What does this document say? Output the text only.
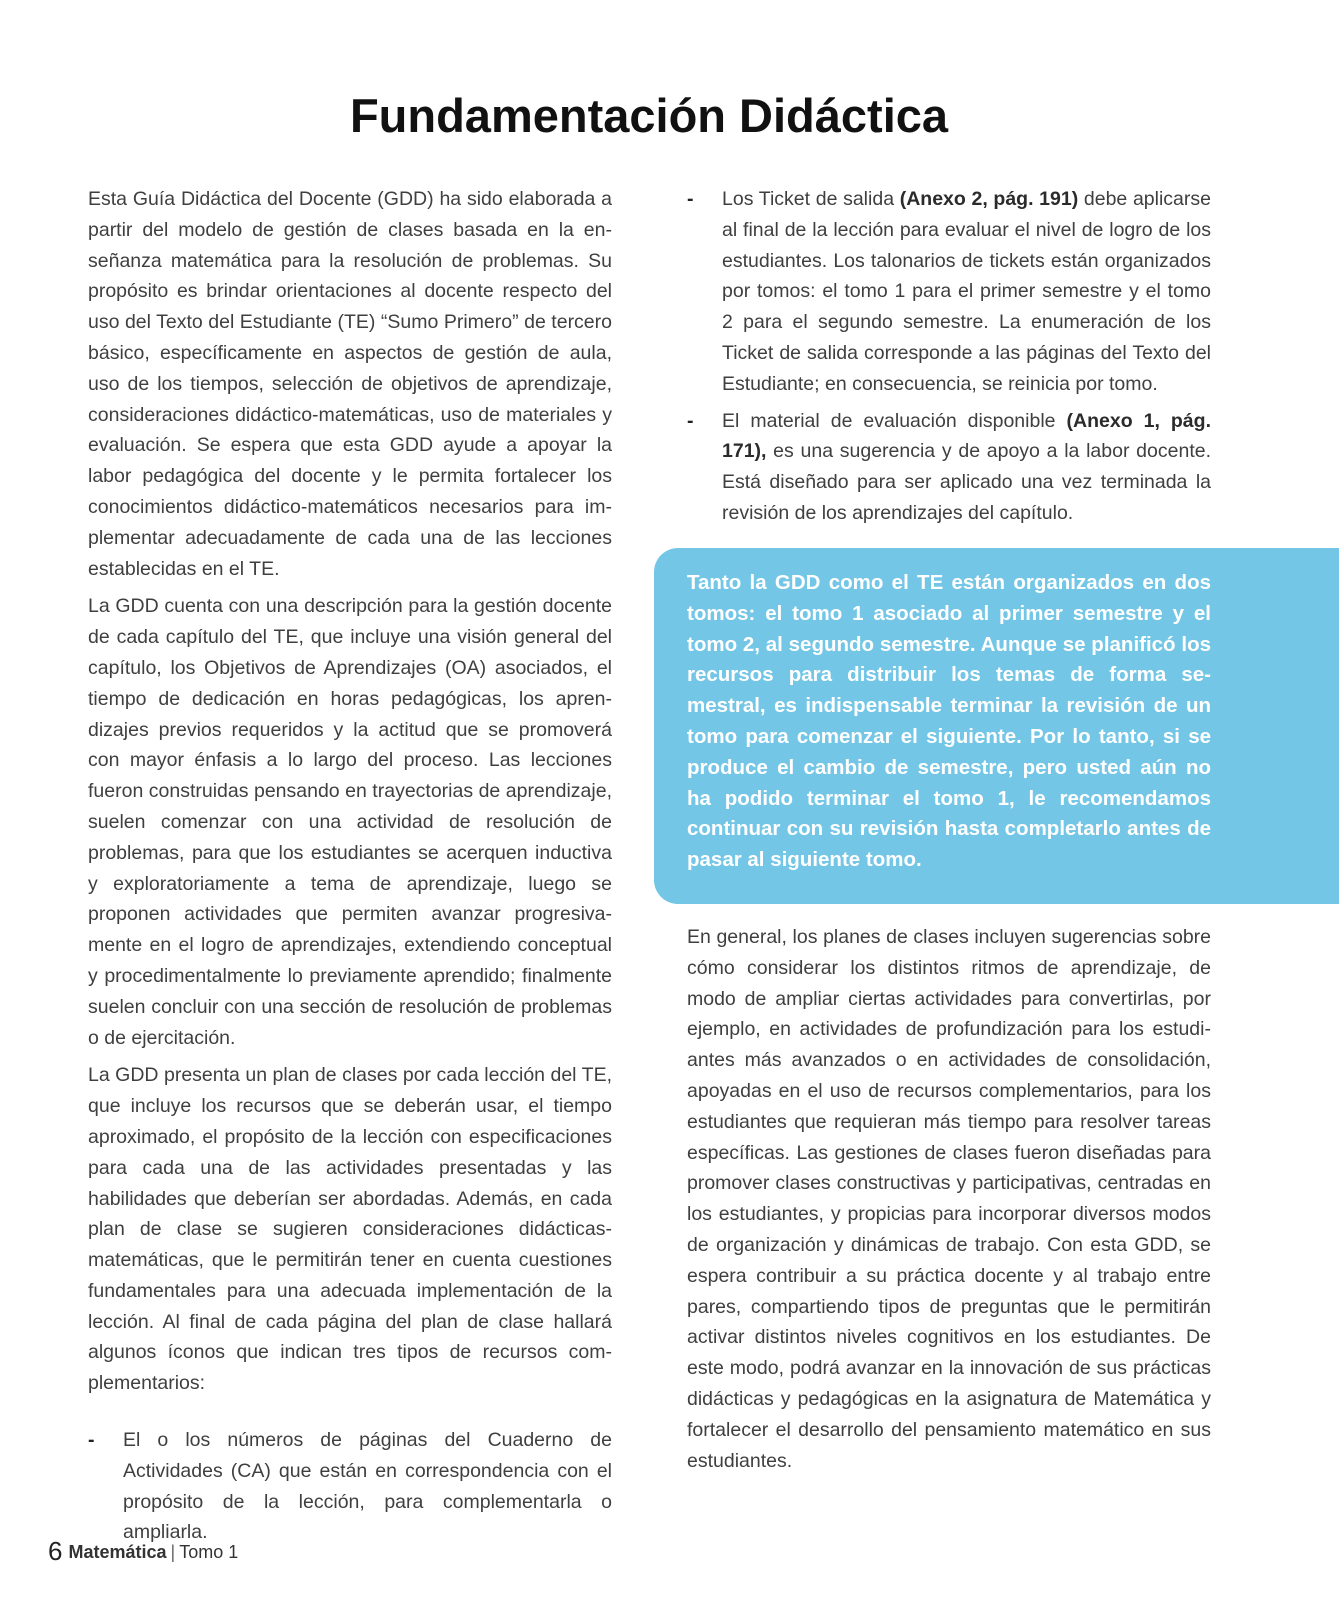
Fundamentación Didáctica

Esta Guía Didáctica del Docente (GDD) ha sido elaborada a partir del modelo de gestión de clases basada en la enseñanza matemática para la resolución de problemas. Su propósito es brindar orientaciones al docente respecto del uso del Texto del Estudiante (TE) “Sumo Primero” de tercero básico, específicamente en aspectos de gestión de aula, uso de los tiempos, selección de objetivos de aprendizaje, consideraciones didáctico-matemáticas, uso de materiales y evaluación. Se espera que esta GDD ayude a apoyar la labor pedagógica del docente y le permita fortalecer los conocimientos didáctico-matemáticos necesarios para implementar adecuadamente de cada una de las lecciones establecidas en el TE.

La GDD cuenta con una descripción para la gestión docente de cada capítulo del TE, que incluye una visión general del capítulo, los Objetivos de Aprendizajes (OA) asociados, el tiempo de dedicación en horas pedagógicas, los aprendizajes previos requeridos y la actitud que se promoverá con mayor énfasis a lo largo del proceso. Las lecciones fueron construidas pensando en trayectorias de aprendizaje, suelen comenzar con una actividad de resolución de problemas, para que los estudiantes se acerquen inductiva y exploratoriamente a tema de aprendizaje, luego se proponen actividades que permiten avanzar progresivamente en el logro de aprendizajes, extendiendo conceptual y procedimentalmente lo previamente aprendido; finalmente suelen concluir con una sección de resolución de problemas o de ejercitación.

La GDD presenta un plan de clases por cada lección del TE, que incluye los recursos que se deberán usar, el tiempo aproximado, el propósito de la lección con especificaciones para cada una de las actividades presentadas y las habilidades que deberían ser abordadas. Además, en cada plan de clase se sugieren consideraciones didácticas-matemáticas, que le permitirán tener en cuenta cuestiones fundamentales para una adecuada implementación de la lección. Al final de cada página del plan de clase hallará algunos íconos que indican tres tipos de recursos complementarios:

- El o los números de páginas del Cuaderno de Actividades (CA) que están en correspondencia con el propósito de la lección, para complementarla o ampliarla.
- Los Ticket de salida (Anexo 2, pág. 191) debe aplicarse al final de la lección para evaluar el nivel de logro de los estudiantes. Los talonarios de tickets están organizados por tomos: el tomo 1 para el primer semestre y el tomo 2 para el segundo semestre. La enumeración de los Ticket de salida corresponde a las páginas del Texto del Estudiante; en consecuencia, se reinicia por tomo.
- El material de evaluación disponible (Anexo 1, pág. 171), es una sugerencia y de apoyo a la labor docente. Está diseñado para ser aplicado una vez terminada la revisión de los aprendizajes del capítulo.
Tanto la GDD como el TE están organizados en dos tomos: el tomo 1 asociado al primer semestre y el tomo 2, al segundo semestre. Aunque se planificó los recursos para distribuir los temas de forma semestral, es indispensable terminar la revisión de un tomo para comenzar el siguiente. Por lo tanto, si se produce el cambio de semestre, pero usted aún no ha podido terminar el tomo 1, le recomendamos continuar con su revisión hasta completarlo antes de pasar al siguiente tomo.

En general, los planes de clases incluyen sugerencias sobre cómo considerar los distintos ritmos de aprendizaje, de modo de ampliar ciertas actividades para convertirlas, por ejemplo, en actividades de profundización para los estudiantes más avanzados o en actividades de consolidación, apoyadas en el uso de recursos complementarios, para los estudiantes que requieran más tiempo para resolver tareas específicas. Las gestiones de clases fueron diseñadas para promover clases constructivas y participativas, centradas en los estudiantes, y propicias para incorporar diversos modos de organización y dinámicas de trabajo. Con esta GDD, se espera contribuir a su práctica docente y al trabajo entre pares, compartiendo tipos de preguntas que le permitirán activar distintos niveles cognitivos en los estudiantes. De este modo, podrá avanzar en la innovación de sus prácticas didácticas y pedagógicas en la asignatura de Matemática y fortalecer el desarrollo del pensamiento matemático en sus estudiantes.

6 Matemática | Tomo 1
